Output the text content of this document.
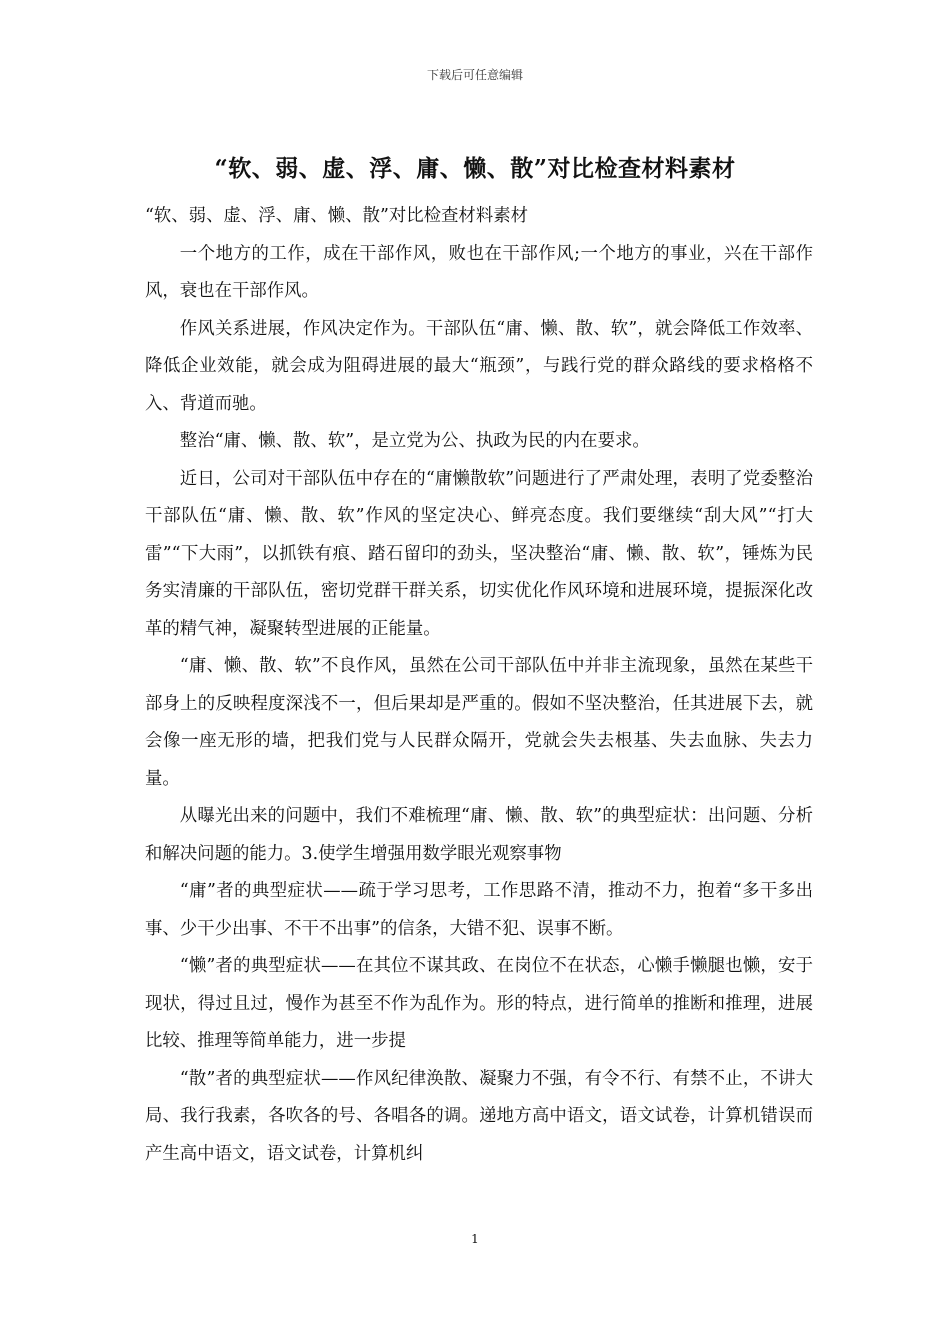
下载后可任意编辑
“软、弱、虚、浮、庸、懒、散”对比检查材料素材

“软、弱、虚、浮、庸、懒、散”对比检查材料素材

一个地方的工作，成在干部作风，败也在干部作风;一个地方的事业，兴在干部作风，衰也在干部作风。

作风关系进展，作风决定作为。干部队伍“庸、懒、散、软”，就会降低工作效率、降低企业效能，就会成为阻碍进展的最大“瓶颈”，与践行党的群众路线的要求格格不入、背道而驰。

整治“庸、懒、散、软”，是立党为公、执政为民的内在要求。

近日，公司对干部队伍中存在的“庸懒散软”问题进行了严肃处理，表明了党委整治干部队伍“庸、懒、散、软”作风的坚定决心、鲜亮态度。我们要继续“刮大风”“打大雷”“下大雨”，以抓铁有痕、踏石留印的劲头，坚决整治“庸、懒、散、软”，锤炼为民务实清廉的干部队伍，密切党群干群关系，切实优化作风环境和进展环境，提振深化改革的精气神，凝聚转型进展的正能量。

“庸、懒、散、软”不良作风，虽然在公司干部队伍中并非主流现象，虽然在某些干部身上的反映程度深浅不一，但后果却是严重的。假如不坚决整治，任其进展下去，就会像一座无形的墙，把我们党与人民群众隔开，党就会失去根基、失去血脉、失去力量。

从曝光出来的问题中，我们不难梳理“庸、懒、散、软”的典型症状：出问题、分析和解决问题的能力。3.使学生增强用数学眼光观察事物

“庸”者的典型症状——疏于学习思考，工作思路不清，推动不力，抱着“多干多出事、少干少出事、不干不出事”的信条，大错不犯、误事不断。

“懒”者的典型症状——在其位不谋其政、在岗位不在状态，心懒手懒腿也懒，安于现状，得过且过，慢作为甚至不作为乱作为。形的特点，进行简单的推断和推理，进展比较、推理等简单能力，进一步提

“散”者的典型症状——作风纪律涣散、凝聚力不强，有令不行、有禁不止，不讲大局、我行我素，各吹各的号、各唱各的调。递地方高中语文，语文试卷，计算机错误而产生高中语文，语文试卷，计算机纠

1
